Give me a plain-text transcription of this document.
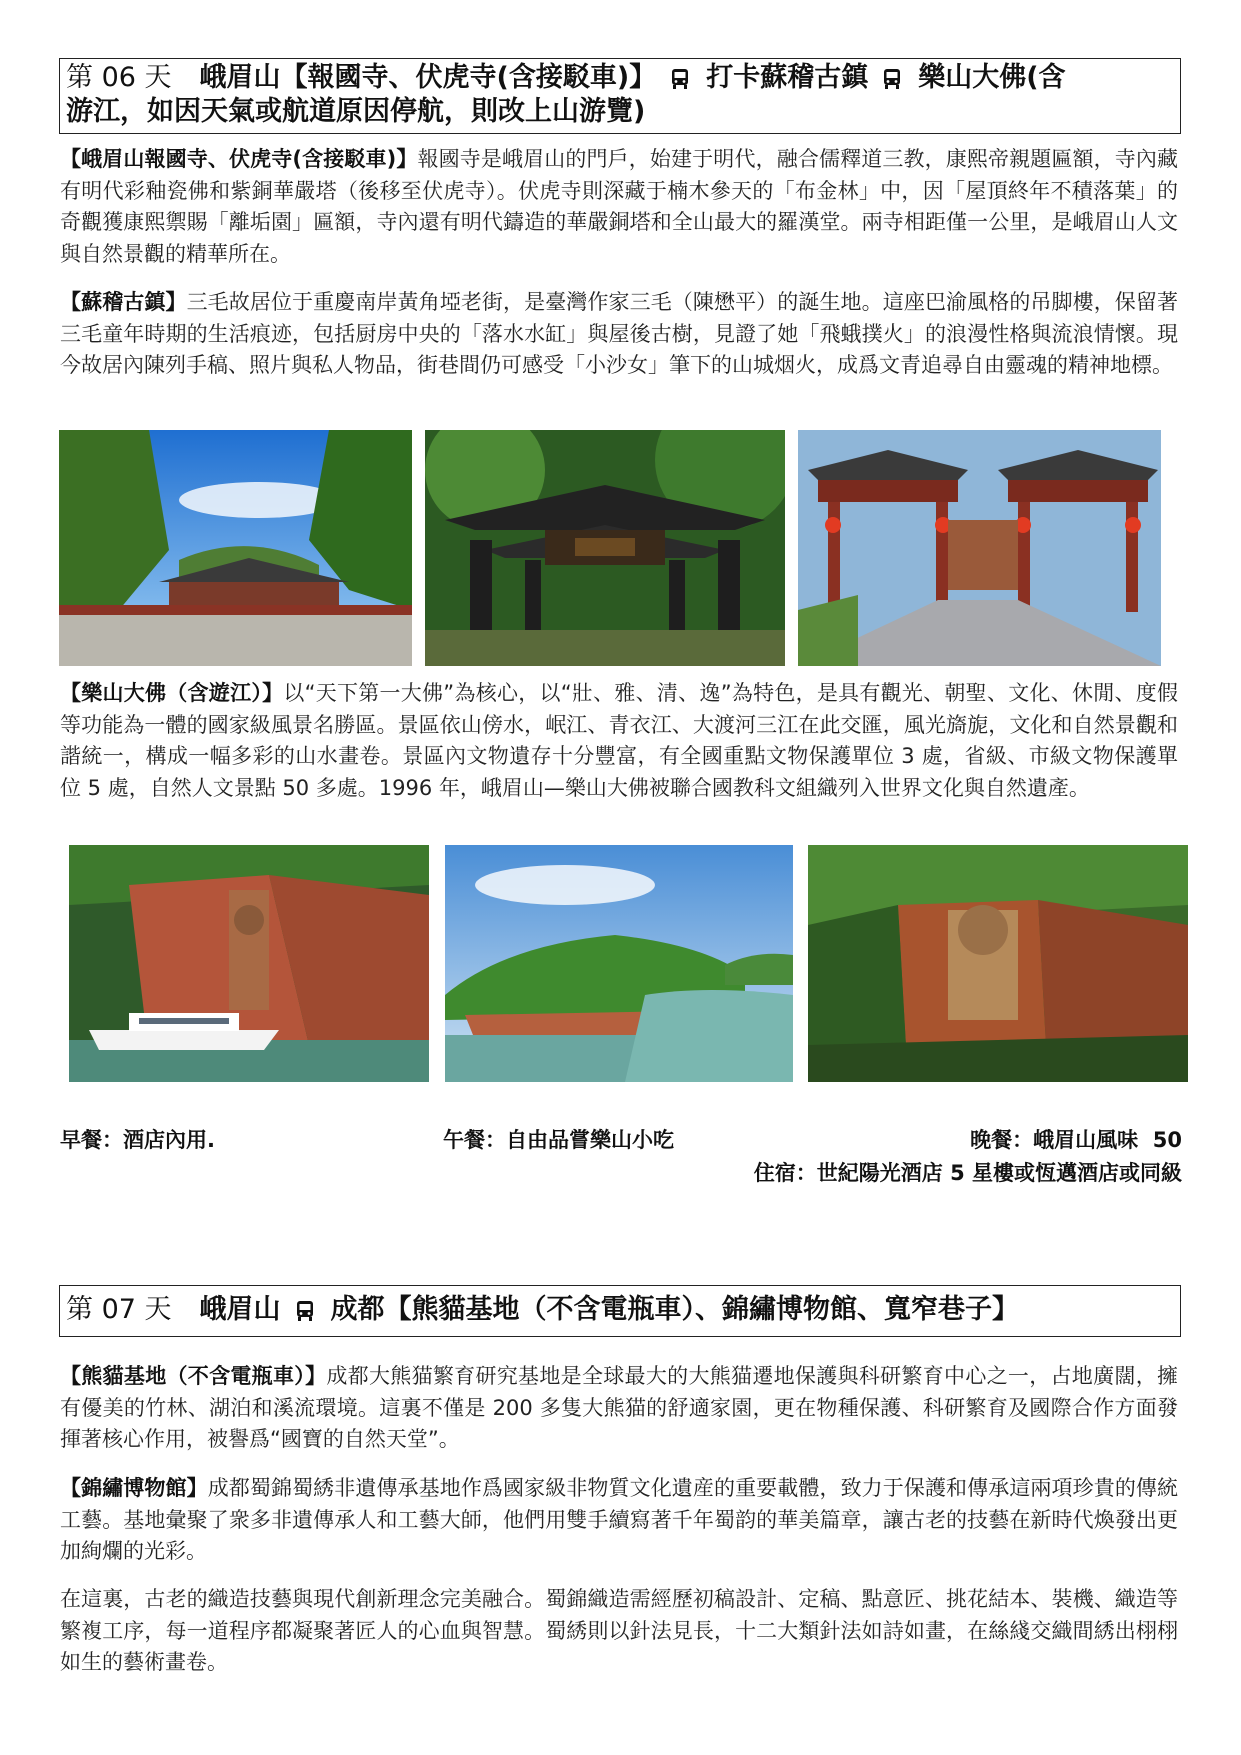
第 06 天 峨眉山【報國寺、伏虎寺(含接駁車)】 打卡蘇稽古鎮 樂山大佛(含
游江，如因天氣或航道原因停航，則改上山游覽)

【峨眉山報國寺、伏虎寺(含接駁車)】報國寺是峨眉山的門戶，始建于明代，融合儒釋道三教，康熙帝親題匾額，寺內藏有明代彩釉瓷佛和紫銅華嚴塔（後移至伏虎寺）。伏虎寺則深藏于楠木參天的「布金林」中，因「屋頂終年不積落葉」的奇觀獲康熙禦賜「離垢園」匾額，寺內還有明代鑄造的華嚴銅塔和全山最大的羅漢堂。兩寺相距僅一公里，是峨眉山人文與自然景觀的精華所在。

【蘇稽古鎮】三毛故居位于重慶南岸黃角埡老街，是臺灣作家三毛（陳懋平）的誕生地。這座巴渝風格的吊脚樓，保留著三毛童年時期的生活痕迹，包括厨房中央的「落水水缸」與屋後古樹，見證了她「飛蛾撲火」的浪漫性格與流浪情懷。現今故居內陳列手稿、照片與私人物品，街巷間仍可感受「小沙女」筆下的山城烟火，成爲文青追尋自由靈魂的精神地標。

【樂山大佛（含遊江）】以“天下第一大佛”為核心，以“壯、雅、清、逸”為特色，是具有觀光、朝聖、文化、休閒、度假等功能為一體的國家級風景名勝區。景區依山傍水，岷江、青衣江、大渡河三江在此交匯，風光旖旎，文化和自然景觀和諧統一，構成一幅多彩的山水畫卷。景區內文物遺存十分豐富，有全國重點文物保護單位 3 處，省級、市級文物保護單位 5 處，自然人文景點 50 多處。1996 年，峨眉山—樂山大佛被聯合國教科文組織列入世界文化與自然遺產。

早餐：酒店內用.	午餐：自由品嘗樂山小吃	晚餐：峨眉山風味  50
住宿：世紀陽光酒店 5 星樓或恆邁酒店或同級
第 07 天 峨眉山 成都【熊貓基地（不含電瓶車）、錦繡博物館、寬窄巷子】

【熊貓基地（不含電瓶車）】成都大熊猫繁育研究基地是全球最大的大熊猫遷地保護與科研繁育中心之一，占地廣闊，擁有優美的竹林、湖泊和溪流環境。這裏不僅是 200 多隻大熊猫的舒適家園，更在物種保護、科研繁育及國際合作方面發揮著核心作用，被譽爲“國寶的自然天堂”。

【錦繡博物館】成都蜀錦蜀綉非遺傳承基地作爲國家級非物質文化遺産的重要載體，致力于保護和傳承這兩項珍貴的傳統工藝。基地彙聚了衆多非遺傳承人和工藝大師，他們用雙手續寫著千年蜀韵的華美篇章，讓古老的技藝在新時代煥發出更加絢爛的光彩。

在這裏，古老的織造技藝與現代創新理念完美融合。蜀錦織造需經歷初稿設計、定稿、點意匠、挑花結本、裝機、織造等繁複工序，每一道程序都凝聚著匠人的心血與智慧。蜀綉則以針法見長，十二大類針法如詩如畫，在絲綫交織間綉出栩栩如生的藝術畫卷。
